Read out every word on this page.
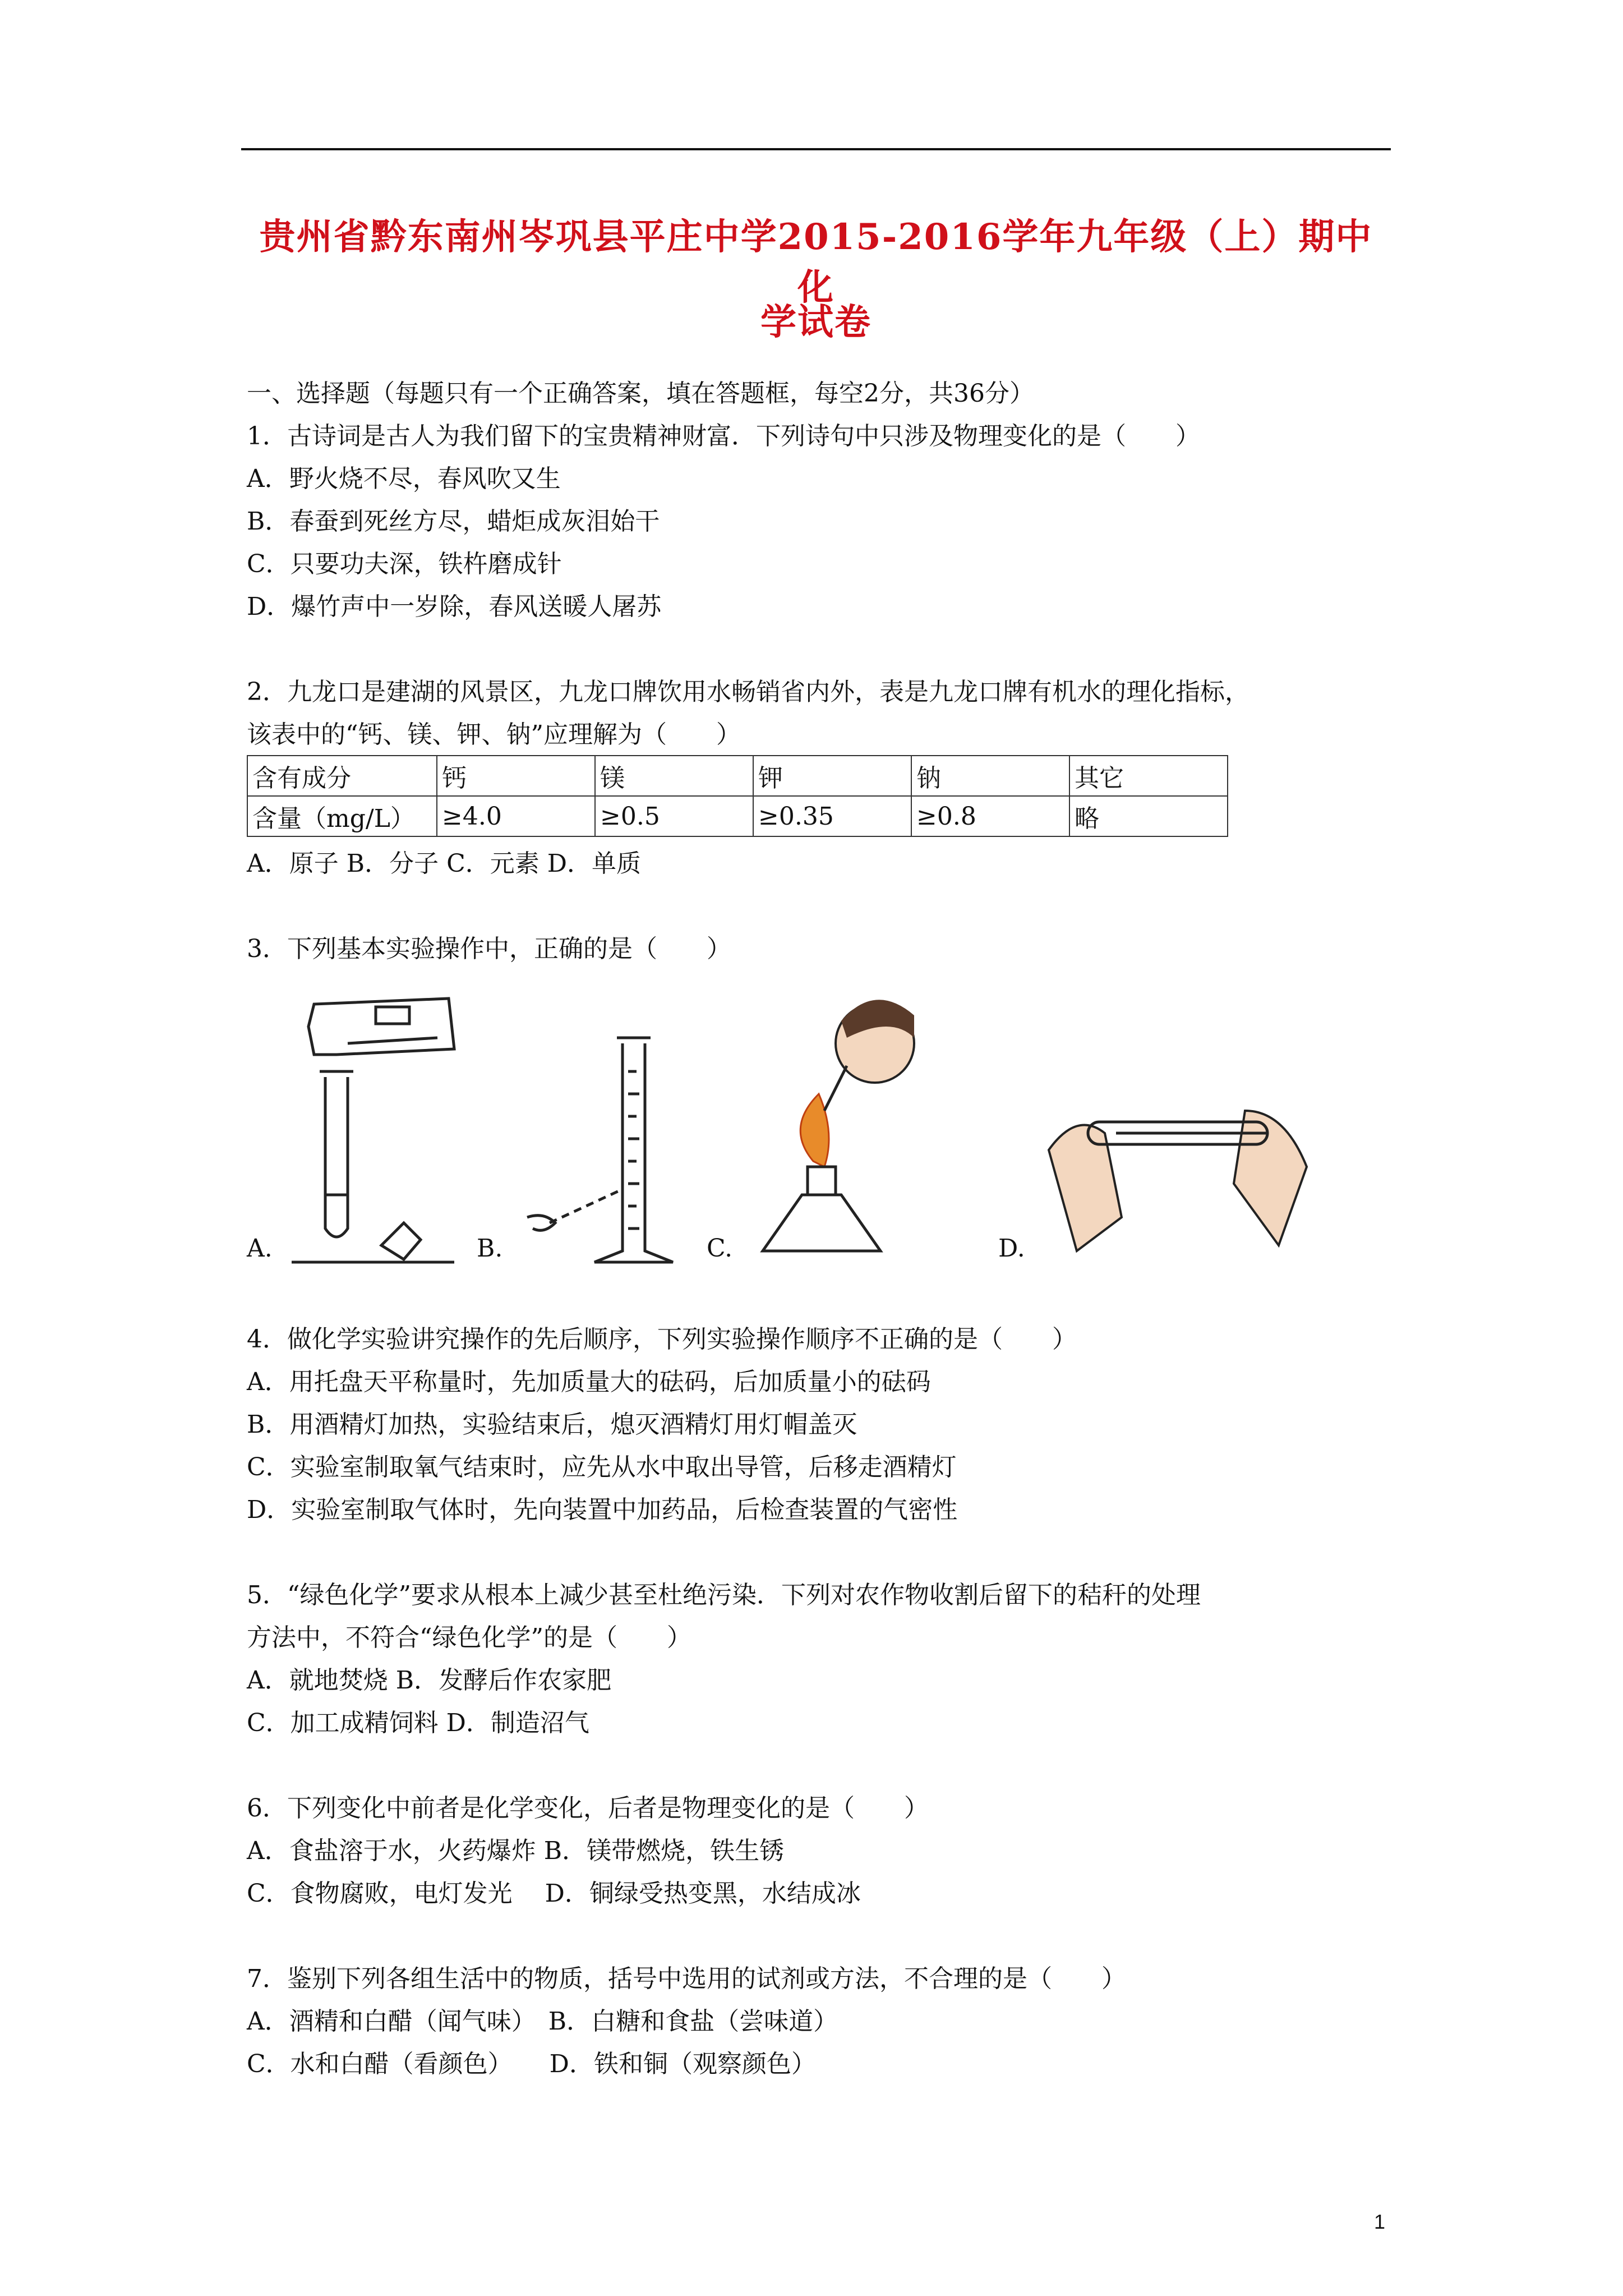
贵州省黔东南州岑巩县平庄中学2015-2016学年九年级（上）期中化
学试卷
一、选择题（每题只有一个正确答案，填在答题框，每空2分，共36分）
1．古诗词是古人为我们留下的宝贵精神财富．下列诗句中只涉及物理变化的是（　　）
A．野火烧不尽，春风吹又生
B．春蚕到死丝方尽，蜡炬成灰泪始干
C．只要功夫深，铁杵磨成针
D．爆竹声中一岁除，春风送暖人屠苏
2．九龙口是建湖的风景区，九龙口牌饮用水畅销省内外，表是九龙口牌有机水的理化指标，
该表中的“钙、镁、钾、钠”应理解为（　　）
含有成分	钙	镁	钾	钠	其它
含量（mg/L）	≥4.0	≥0.5	≥0.35	≥0.8	略
A．原子 B．分子 C．元素 D．单质
3．下列基本实验操作中，正确的是（　　）
A.	B.	C.	D.
4．做化学实验讲究操作的先后顺序，下列实验操作顺序不正确的是（　　）
A．用托盘天平称量时，先加质量大的砝码，后加质量小的砝码
B．用酒精灯加热，实验结束后，熄灭酒精灯用灯帽盖灭
C．实验室制取氧气结束时，应先从水中取出导管，后移走酒精灯
D．实验室制取气体时，先向装置中加药品，后检查装置的气密性
5．“绿色化学”要求从根本上减少甚至杜绝污染．下列对农作物收割后留下的秸秆的处理
方法中，不符合“绿色化学”的是（　　）
A．就地焚烧 B．发酵后作农家肥
C．加工成精饲料 D．制造沼气
6．下列变化中前者是化学变化，后者是物理变化的是（　　）
A．食盐溶于水，火药爆炸 B．镁带燃烧，铁生锈
C．食物腐败，电灯发光　 D．铜绿受热变黑，水结成冰
7．鉴别下列各组生活中的物质，括号中选用的试剂或方法，不合理的是（　　）
A．酒精和白醋（闻气味）　B．白糖和食盐（尝味道）
C．水和白醋（看颜色）　　D．铁和铜（观察颜色）
1
